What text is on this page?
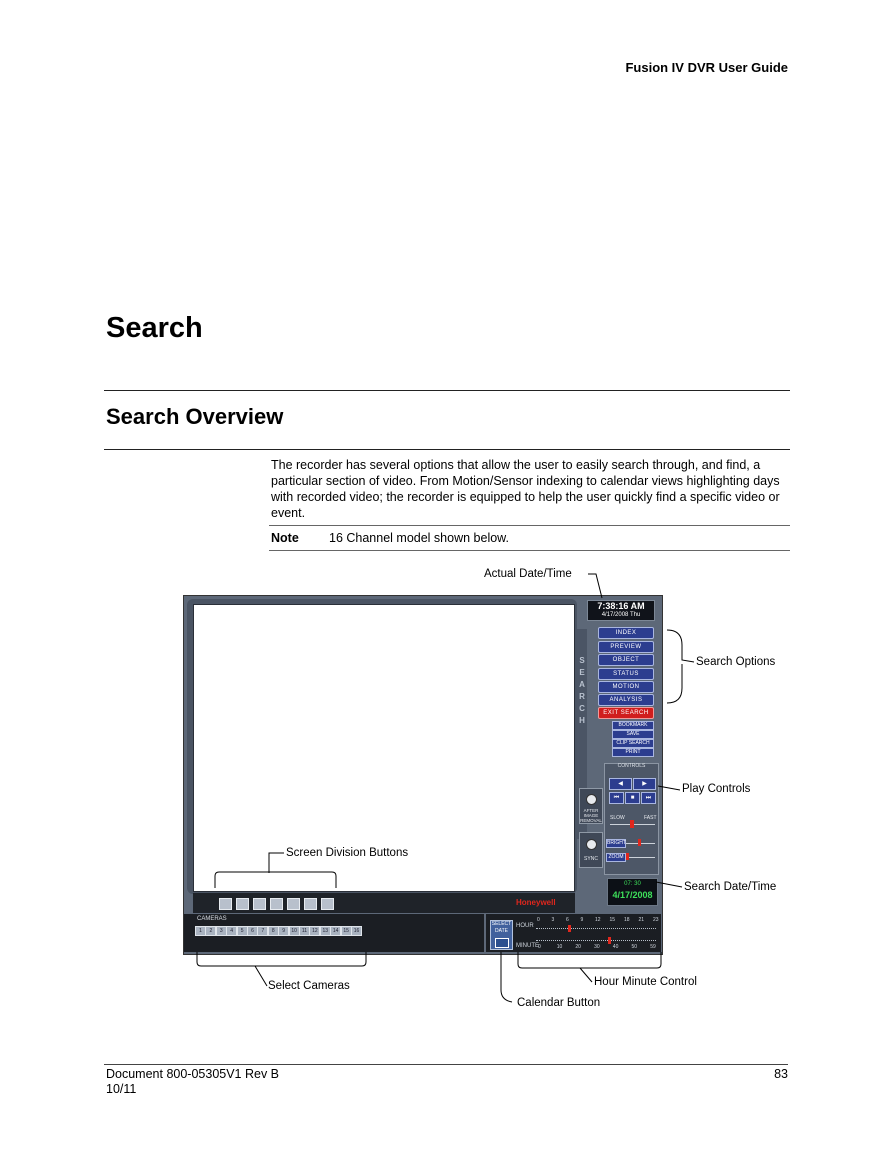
Fusion IV DVR User Guide
Search
Search Overview
The recorder has several options that allow the user to easily search through, and find, a particular section of video. From Motion/Sensor indexing to calendar views highlighting days with recorded video; the recorder is equipped to help the user quickly find a specific video or event.
Note 16 Channel model shown below.
Honeywell
S
E
A
R
C
H
7:38:16 AM
4/17/2008 Thu
INDEX
PREVIEW
OBJECT
STATUS
MOTION
ANALYSIS
EXIT SEARCH
BOOKMARK
SAVE
CLIP SEARCH
PRINT
CONTROLS
◀	▶
⏮	■	⏭
SLOW	FAST
BRIGHT
ZOOM
AFTER IMAGE REMOVAL
SYNC
07: 30
4/17/2008
CAMERAS
1	2	3	4	5	6	7	8	9	10	11	12 13 14 15 16
SELECT DATE
HOUR
MINUTE
0 3 6 9 12 15 18 21 23
0	10	20	30	40	50	59
Actual Date/Time
Search Options
Play Controls
Screen Division Buttons
Search Date/Time
Select Cameras	Hour Minute Control
Calendar Button
Document 800-05305V1 Rev B
10/11
83
